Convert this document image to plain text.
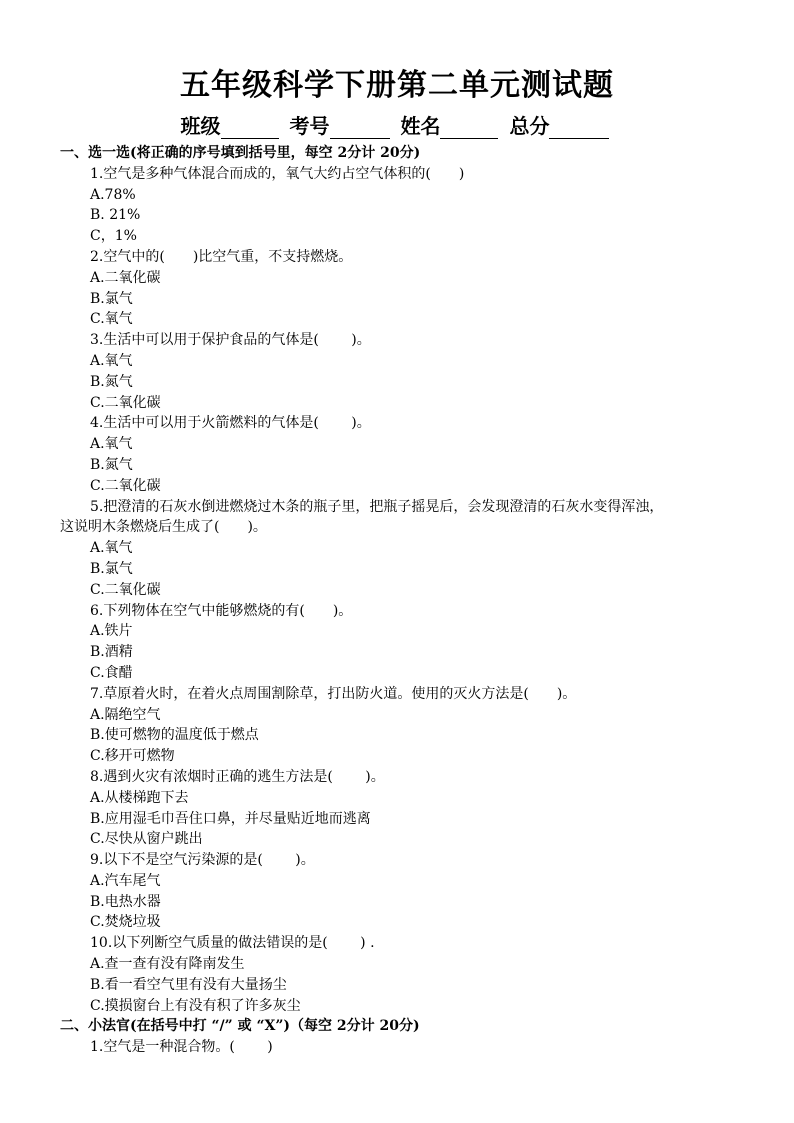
五年级科学下册第二单元测试题
班级	考号	姓名	总分
一、选一选(将正确的序号填到括号里，每空 2分计 20分)
1.空气是多种气体混合而成的，氧气大约占空气体积的(　　)
A.78%
B. 21%
C，1%
2.空气中的(　　)比空气重，不支持燃烧。
A.二氧化碳
B.氯气
C.氧气
3.生活中可以用于保护食品的气体是(　　 )。
A.氧气
B.氮气
C.二氧化碳
4.生活中可以用于火箭燃料的气体是(　　 )。
A.氧气
B.氮气
C.二氧化碳
5.把澄清的石灰水倒进燃烧过木条的瓶子里，把瓶子摇晃后，会发现澄清的石灰水变得浑浊，
这说明木条燃烧后生成了(　　)。
A.氧气
B.氯气
C.二氧化碳
6.下列物体在空气中能够燃烧的有(　　)。
A.铁片
B.酒精
C.食醋
7.草原着火时，在着火点周围割除草，打出防火道。使用的灭火方法是(　　)。
A.隔绝空气
B.使可燃物的温度低于燃点
C.移开可燃物
8.遇到火灾有浓烟时正确的逃生方法是(　　 )。
A.从楼梯跑下去
B.应用湿毛巾吾住口鼻，并尽量贴近地而逃离
C.尽快从窗户跳出
9.以下不是空气污染源的是(　　 )。
A.汽车尾气
B.电热水器
C.焚烧垃圾
10.以下列断空气质量的做法错误的是(　　 ) .
A.查一查有没有降南发生
B.看一看空气里有没有大量扬尘
C.摸损窗台上有没有积了许多灰尘
二、小法官(在括号中打 “/” 或 “X”)（每空 2分计 20分)
1.空气是一种混合物。(　　 )
